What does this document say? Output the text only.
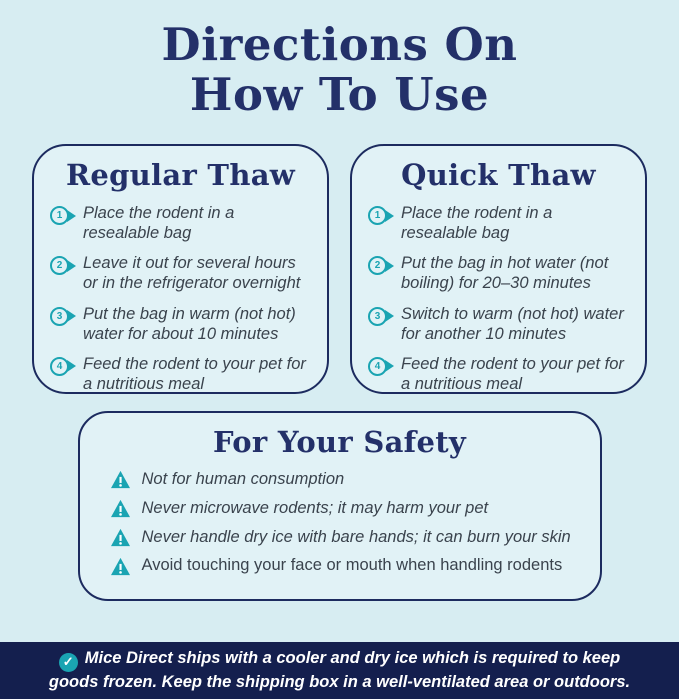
Directions On
How To Use
Regular Thaw
1	Place the rodent in a resealable bag
2	Leave it out for several hours or in the refrigerator overnight
3	Put the bag in warm (not hot) water for about 10 minutes
4	Feed the rodent to your pet for a nutritious meal
Quick Thaw
1	Place the rodent in a resealable bag
2	Put the bag in hot water (not boiling) for 20–30 minutes
3	Switch to warm (not hot) water for another 10 minutes
4	Feed the rodent to your pet for a nutritious meal
For Your Safety
Not for human consumption
Never microwave rodents; it may harm your pet
Never handle dry ice with bare hands; it can burn your skin
Avoid touching your face or mouth when handling rodents

✓ Mice Direct ships with a cooler and dry ice which is required to keep goods frozen. Keep the shipping box in a well-ventilated area or outdoors.
